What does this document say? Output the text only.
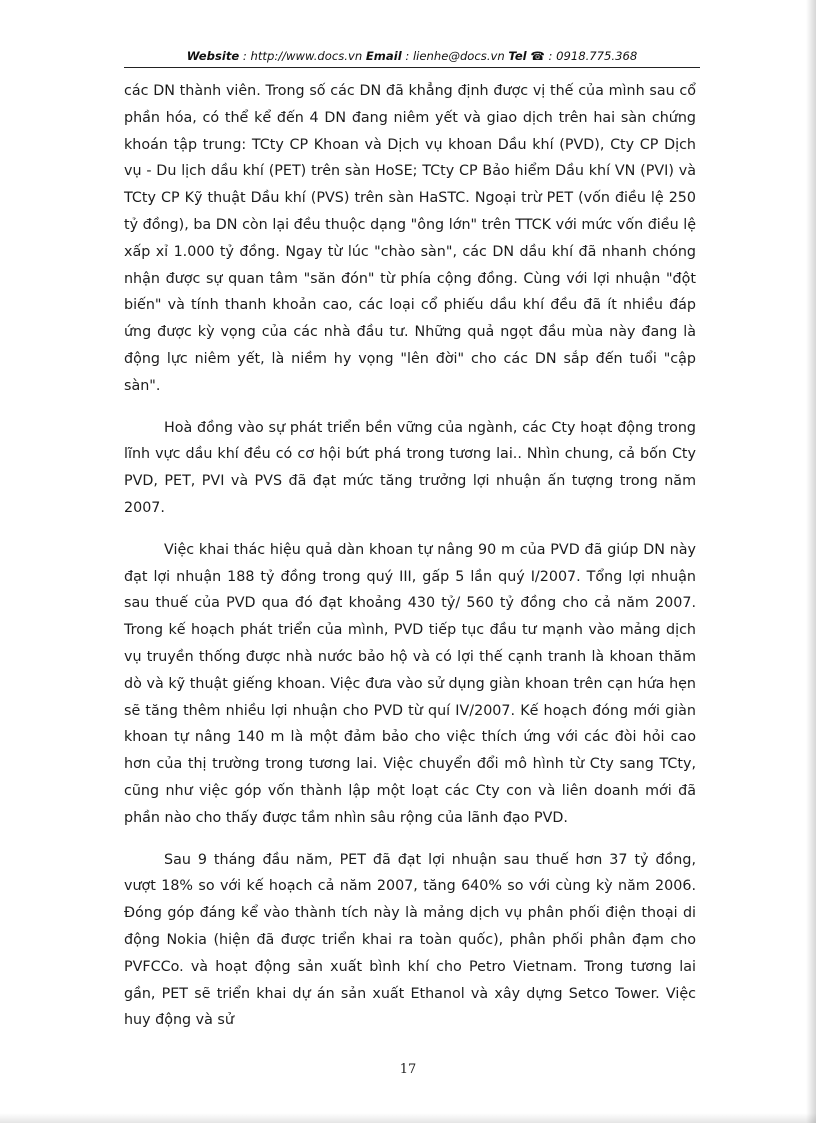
Website : http://www.docs.vn Email : lienhe@docs.vn Tel ☎ : 0918.775.368

các DN thành viên. Trong số các DN đã khẳng định được vị thế của mình sau cổ phần hóa, có thể kể đến 4 DN đang niêm yết và giao dịch trên hai sàn chứng khoán tập trung: TCty CP Khoan và Dịch vụ khoan Dầu khí (PVD), Cty CP Dịch vụ - Du lịch dầu khí (PET) trên sàn HoSE; TCty CP Bảo hiểm Dầu khí VN (PVI) và TCty CP Kỹ thuật Dầu khí (PVS) trên sàn HaSTC. Ngoại trừ PET (vốn điều lệ 250 tỷ đồng), ba DN còn lại đều thuộc dạng "ông lớn" trên TTCK với mức vốn điều lệ xấp xỉ 1.000 tỷ đồng. Ngay từ lúc "chào sàn", các DN dầu khí đã nhanh chóng nhận được sự quan tâm "săn đón" từ phía cộng đồng. Cùng với lợi nhuận "đột biến" và tính thanh khoản cao, các loại cổ phiếu dầu khí đều đã ít nhiều đáp ứng được kỳ vọng của các nhà đầu tư. Những quả ngọt đầu mùa này đang là động lực niêm yết, là niềm hy vọng "lên đời" cho các DN sắp đến tuổi "cập sàn".

Hoà đồng vào sự phát triển bền vững của ngành, các Cty hoạt động trong lĩnh vực dầu khí đều có cơ hội bứt phá trong tương lai.. Nhìn chung, cả bốn Cty PVD, PET, PVI và PVS đã đạt mức tăng trưởng lợi nhuận ấn tượng trong năm 2007.

Việc khai thác hiệu quả dàn khoan tự nâng 90 m của PVD đã giúp DN này đạt lợi nhuận 188 tỷ đồng trong quý III, gấp 5 lần quý I/2007. Tổng lợi nhuận sau thuế của PVD qua đó đạt khoảng 430 tỷ/ 560 tỷ đồng cho cả năm 2007. Trong kế hoạch phát triển của mình, PVD tiếp tục đầu tư mạnh vào mảng dịch vụ truyền thống được nhà nước bảo hộ và có lợi thế cạnh tranh là khoan thăm dò và kỹ thuật giếng khoan. Việc đưa vào sử dụng giàn khoan trên cạn hứa hẹn sẽ tăng thêm nhiều lợi nhuận cho PVD từ quí IV/2007. Kế hoạch đóng mới giàn khoan tự nâng 140 m là một đảm bảo cho việc thích ứng với các đòi hỏi cao hơn của thị trường trong tương lai. Việc chuyển đổi mô hình từ Cty sang TCty, cũng như việc góp vốn thành lập một loạt các Cty con và liên doanh mới đã phần nào cho thấy được tầm nhìn sâu rộng của lãnh đạo PVD.

Sau 9 tháng đầu năm, PET đã đạt lợi nhuận sau thuế hơn 37 tỷ đồng, vượt 18% so với kế hoạch cả năm 2007, tăng 640% so với cùng kỳ năm 2006. Đóng góp đáng kể vào thành tích này là mảng dịch vụ phân phối điện thoại di động Nokia (hiện đã được triển khai ra toàn quốc), phân phối phân đạm cho PVFCCo. và hoạt động sản xuất bình khí cho Petro Vietnam. Trong tương lai gần, PET sẽ triển khai dự án sản xuất Ethanol và xây dựng Setco Tower. Việc huy động và sử

17
